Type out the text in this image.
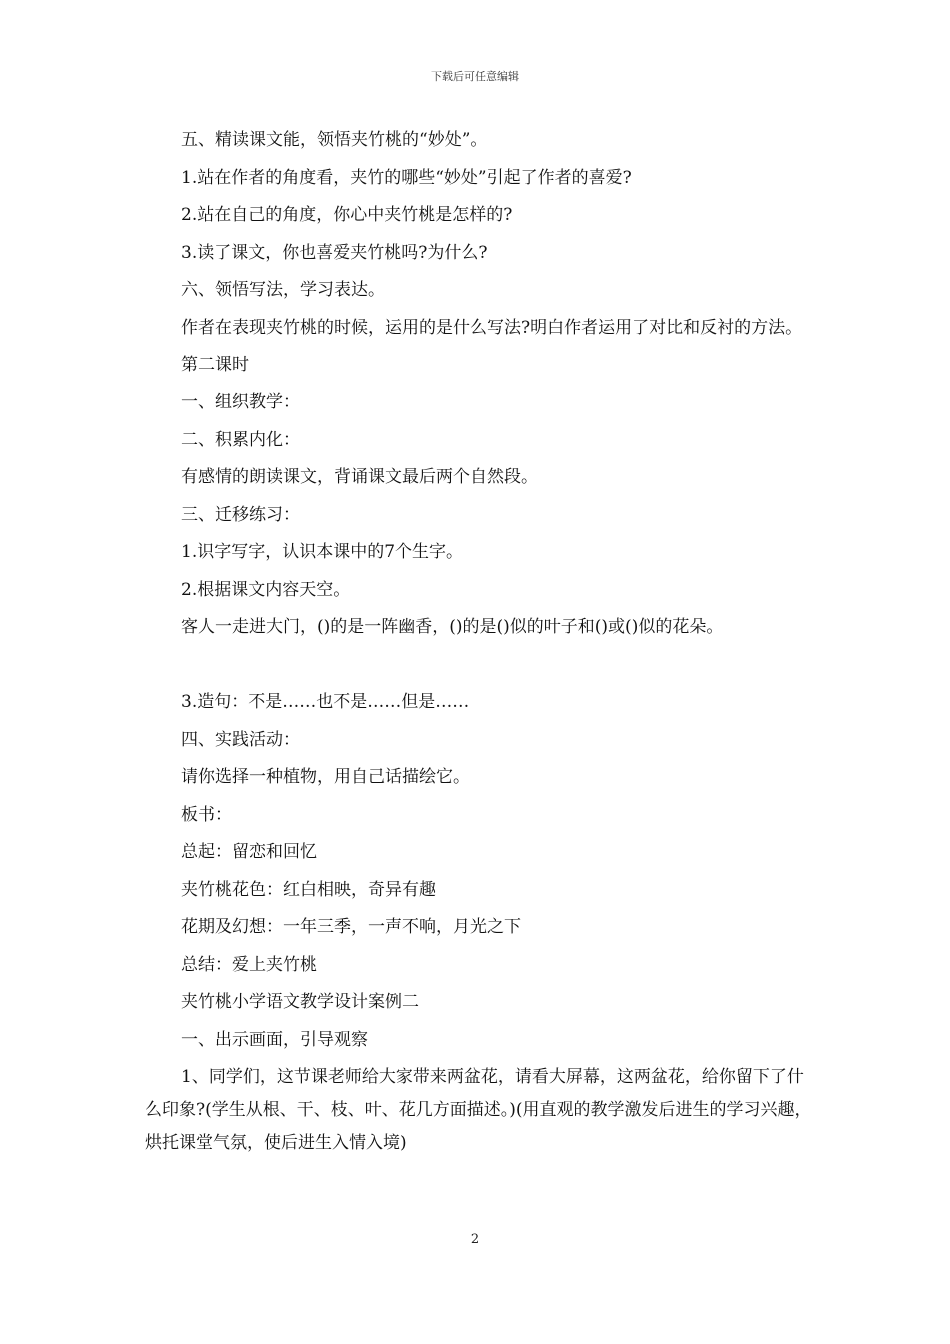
下载后可任意编辑

五、精读课文能，领悟夹竹桃的“妙处”。

1.站在作者的角度看，夹竹的哪些“妙处”引起了作者的喜爱?

2.站在自己的角度，你心中夹竹桃是怎样的?

3.读了课文，你也喜爱夹竹桃吗?为什么?

六、领悟写法，学习表达。

作者在表现夹竹桃的时候，运用的是什么写法?明白作者运用了对比和反衬的方法。

第二课时

一、组织教学：

二、积累内化：

有感情的朗读课文，背诵课文最后两个自然段。

三、迁移练习：

1.识字写字，认识本课中的7个生字。

2.根据课文内容天空。

客人一走进大门，()的是一阵幽香，()的是()似的叶子和()或()似的花朵。

3.造句：不是……也不是……但是……

四、实践活动：

请你选择一种植物，用自己话描绘它。

板书：

总起：留恋和回忆

夹竹桃花色：红白相映，奇异有趣

花期及幻想：一年三季，一声不响，月光之下

总结：爱上夹竹桃

夹竹桃小学语文教学设计案例二

一、出示画面，引导观察

1、同学们，这节课老师给大家带来两盆花，请看大屏幕，这两盆花，给你留下了什么印象?(学生从根、干、枝、叶、花几方面描述。)(用直观的教学激发后进生的学习兴趣，烘托课堂气氛，使后进生入情入境)

2
